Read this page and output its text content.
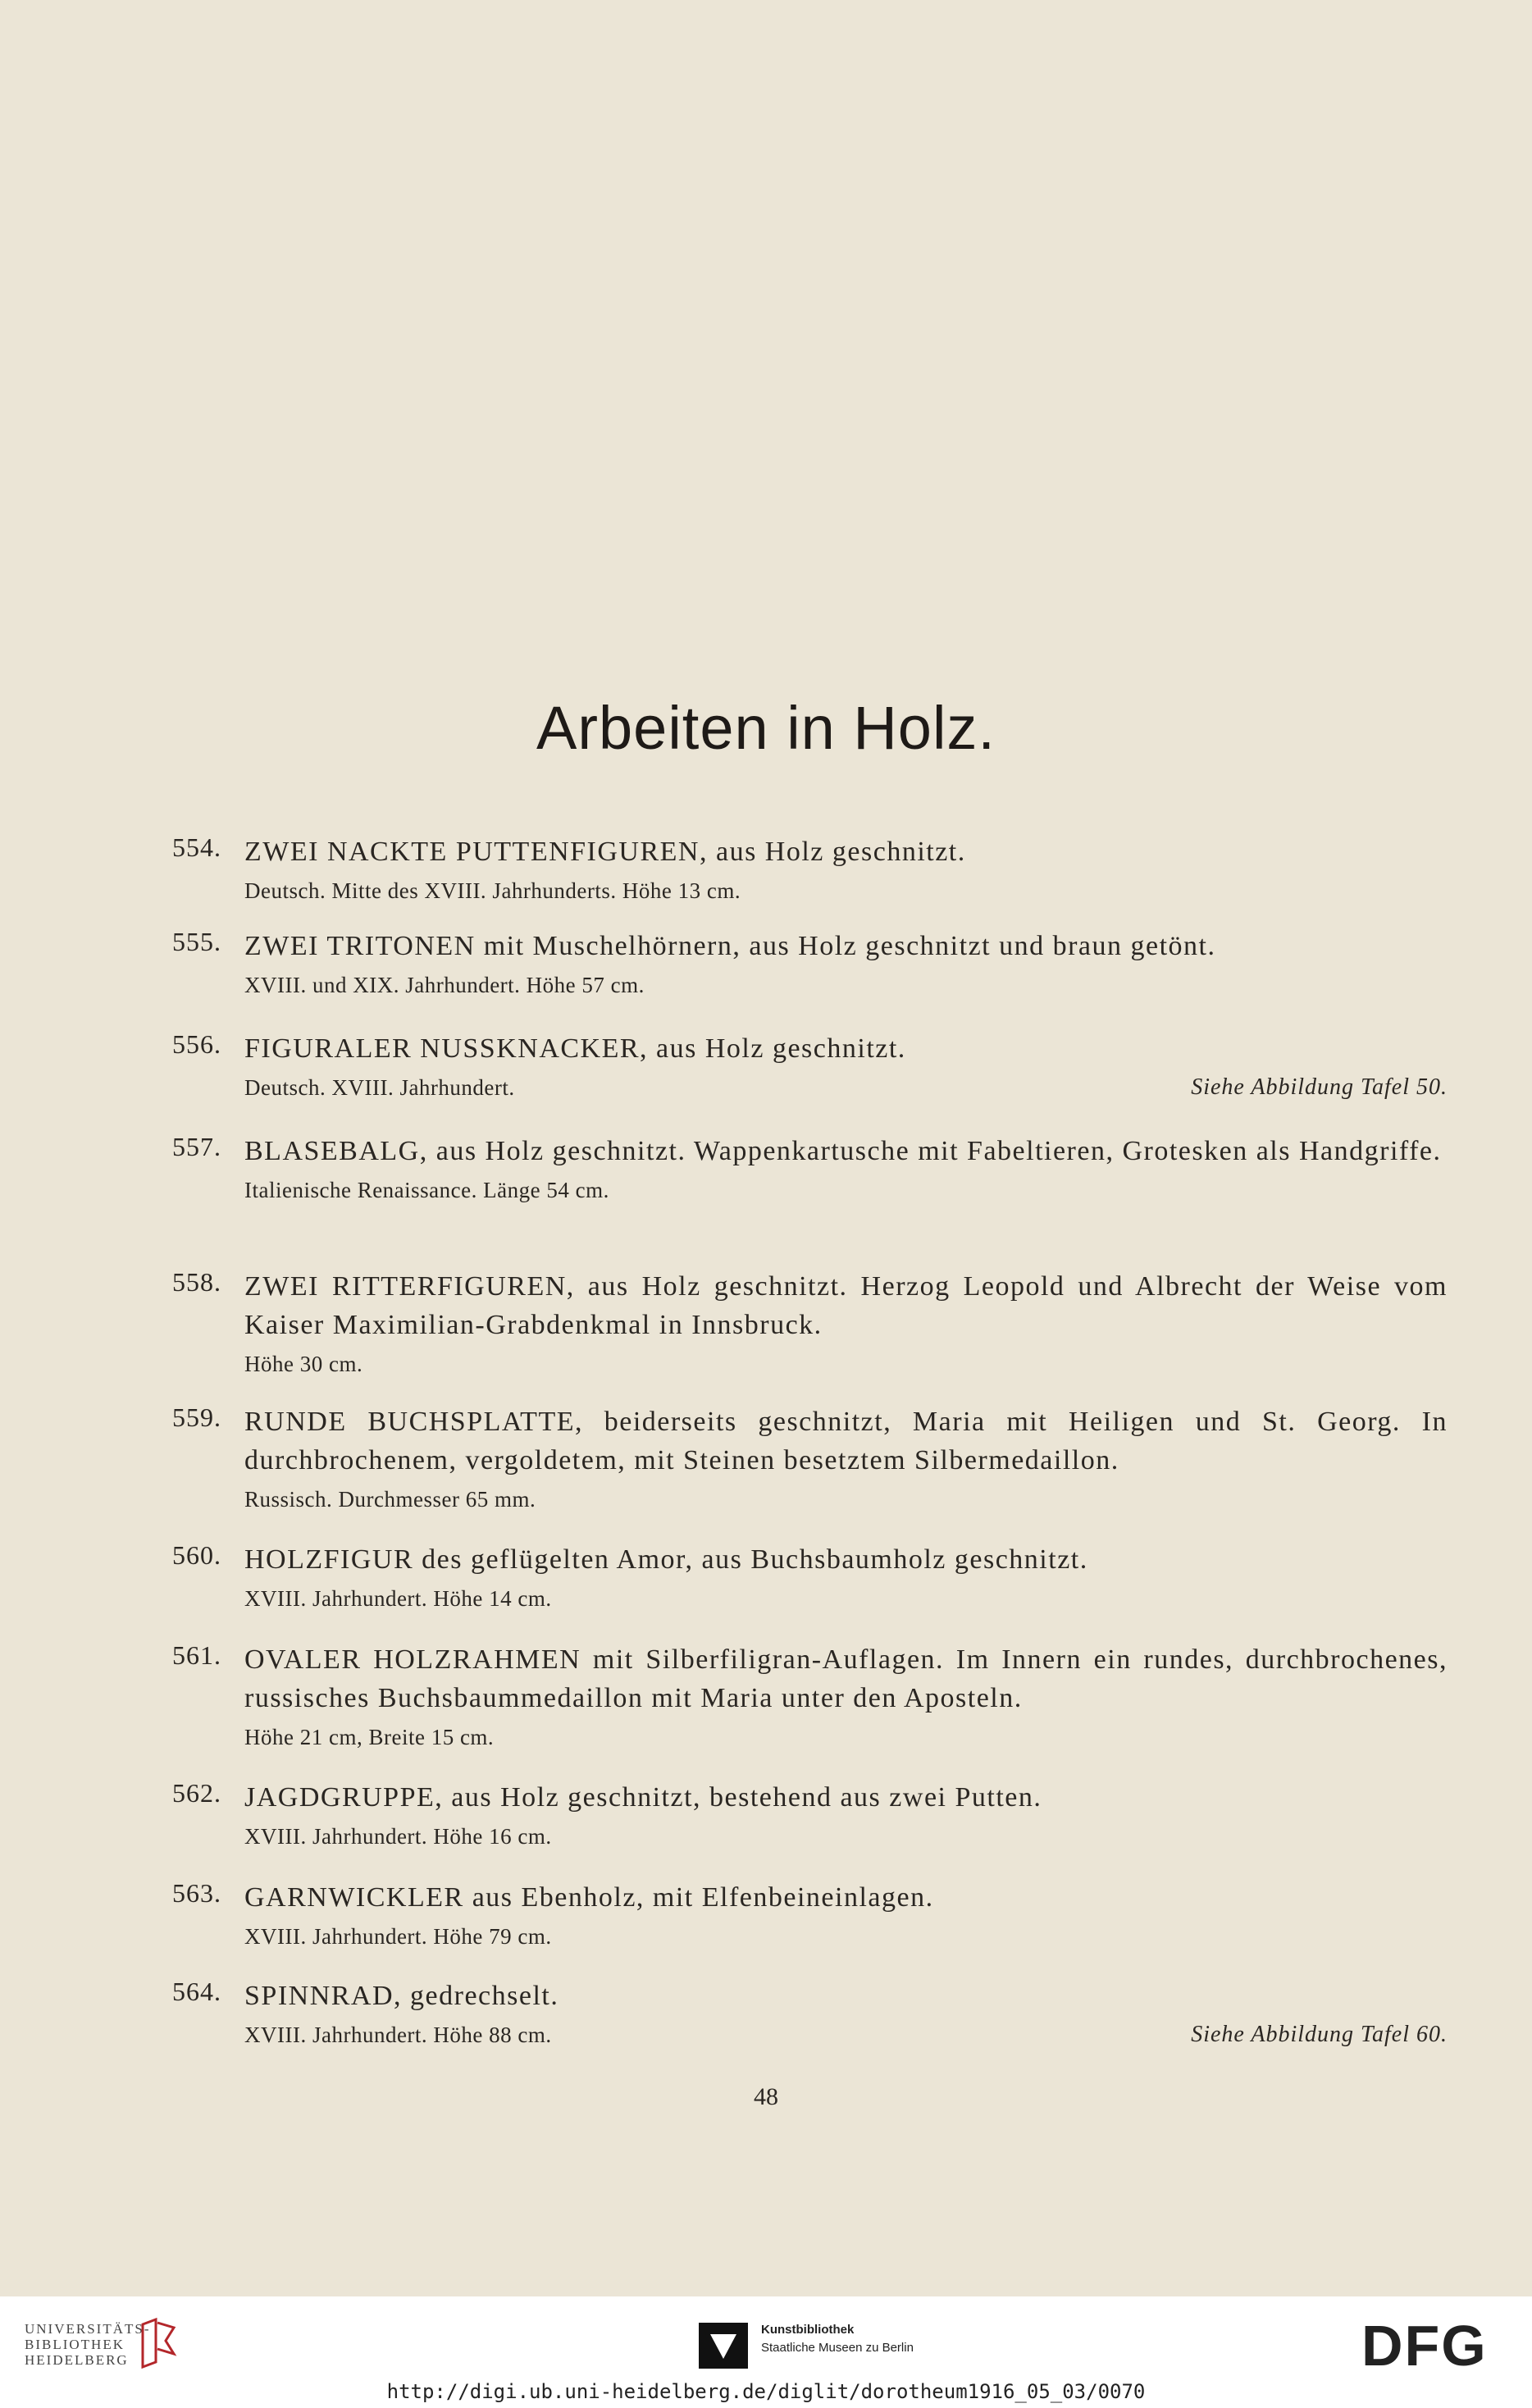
Arbeiten in Holz.
554. ZWEI NACKTE PUTTENFIGUREN, aus Holz geschnitzt.
Deutsch. Mitte des XVIII. Jahrhunderts. Höhe 13 cm.
555. ZWEI TRITONEN mit Muschelhörnern, aus Holz geschnitzt und braun getönt.
XVIII. und XIX. Jahrhundert. Höhe 57 cm.
556. FIGURALER NUSSKNACKER, aus Holz geschnitzt.
Deutsch. XVIII. Jahrhundert.	Siehe Abbildung Tafel 50.
557. BLASEBALG, aus Holz geschnitzt. Wappenkartusche mit Fabeltieren, Grotesken als Handgriffe.
Italienische Renaissance. Länge 54 cm.
558. ZWEI RITTERFIGUREN, aus Holz geschnitzt. Herzog Leopold und Albrecht der Weise vom Kaiser Maximilian-Grabdenkmal in Innsbruck.
Höhe 30 cm.
559. RUNDE BUCHSPLATTE, beiderseits geschnitzt, Maria mit Heiligen und St. Georg. In durchbrochenem, vergoldetem, mit Steinen besetztem Silbermedaillon.
Russisch. Durchmesser 65 mm.
560. HOLZFIGUR des geflügelten Amor, aus Buchsbaumholz geschnitzt.
XVIII. Jahrhundert. Höhe 14 cm.
561. OVALER HOLZRAHMEN mit Silberfiligran-Auflagen. Im Innern ein rundes, durchbrochenes, russisches Buchsbaummedaillon mit Maria unter den Aposteln.
Höhe 21 cm, Breite 15 cm.
562. JAGDGRUPPE, aus Holz geschnitzt, bestehend aus zwei Putten.
XVIII. Jahrhundert. Höhe 16 cm.
563. GARNWICKLER aus Ebenholz, mit Elfenbeineinlagen.
XVIII. Jahrhundert. Höhe 79 cm.
564. SPINNRAD, gedrechselt.
XVIII. Jahrhundert. Höhe 88 cm.	Siehe Abbildung Tafel 60.
48
UNIVERSITÄTS-
BIBLIOTHEK
HEIDELBERG
Kunstbibliothek
Staatliche Museen zu Berlin	DFG
http://digi.ub.uni-heidelberg.de/diglit/dorotheum1916_05_03/0070
